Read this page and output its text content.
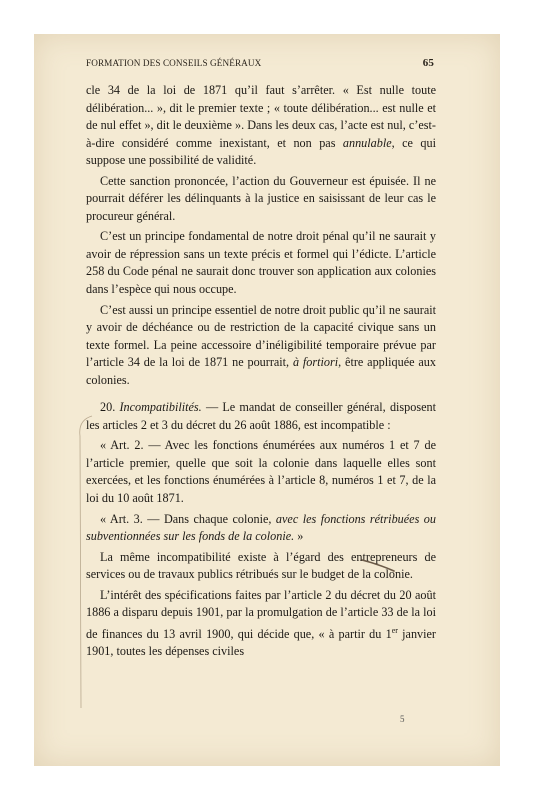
FORMATION DES CONSEILS GÉNÉRAUX	65

cle 34 de la loi de 1871 qu’il faut s’arrêter. « Est nulle toute délibération... », dit le premier texte ; « toute délibération... est nulle et de nul effet », dit le deuxième ». Dans les deux cas, l’acte est nul, c’est-à-dire considéré comme inexistant, et non pas annulable, ce qui suppose une possibilité de validité.

Cette sanction prononcée, l’action du Gouverneur est épuisée. Il ne pourrait déférer les délinquants à la justice en saisissant de leur cas le procureur général.

C’est un principe fondamental de notre droit pénal qu’il ne saurait y avoir de répression sans un texte précis et formel qui l’édicte. L’article 258 du Code pénal ne saurait donc trouver son application aux colonies dans l’espèce qui nous occupe.

C’est aussi un principe essentiel de notre droit public qu’il ne saurait y avoir de déchéance ou de restriction de la capacité civique sans un texte formel. La peine accessoire d’inéligibilité temporaire prévue par l’article 34 de la loi de 1871 ne pourrait, à fortiori, être appliquée aux colonies.

20. Incompatibilités. — Le mandat de conseiller général, disposent les articles 2 et 3 du décret du 26 août 1886, est incompatible :

« Art. 2. — Avec les fonctions énumérées aux numéros 1 et 7 de l’article premier, quelle que soit la colonie dans laquelle elles sont exercées, et les fonctions énumérées à l’article 8, numéros 1 et 7, de la loi du 10 août 1871.

« Art. 3. — Dans chaque colonie, avec les fonctions rétribuées ou subventionnées sur les fonds de la colonie. »

La même incompatibilité existe à l’égard des entrepreneurs de services ou de travaux publics rétribués sur le budget de la colonie.

L’intérêt des spécifications faites par l’article 2 du décret du 20 août 1886 a disparu depuis 1901, par la promulgation de l’article 33 de la loi de finances du 13 avril 1900, qui décide que, « à partir du 1er janvier 1901, toutes les dépenses civiles

5
